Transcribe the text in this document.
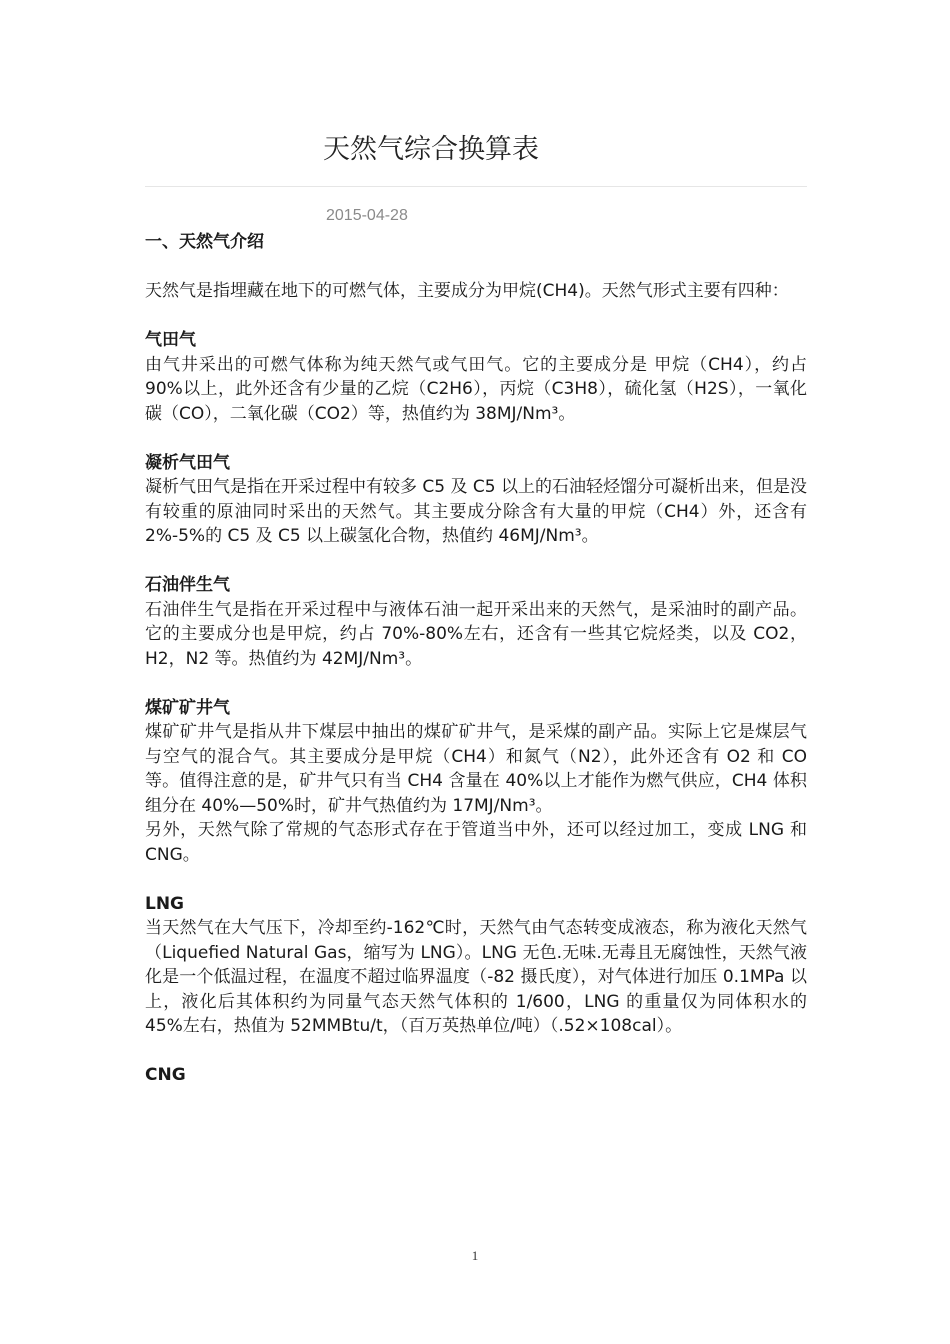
天然气综合换算表
2015-04-28

一、天然气介绍

天然气是指埋藏在地下的可燃气体，主要成分为甲烷(CH4)。天然气形式主要有四种：

气田气

由气井采出的可燃气体称为纯天然气或气田气。它的主要成分是 甲烷（CH4），约占 90%以上，此外还含有少量的乙烷（C2H6），丙烷（C3H8），硫化氢（H2S），一氧化碳（CO），二氧化碳（CO2）等，热值约为 38MJ/Nm³。

凝析气田气

凝析气田气是指在开采过程中有较多 C5 及 C5 以上的石油轻烃馏分可凝析出来，但是没有较重的原油同时采出的天然气。其主要成分除含有大量的甲烷（CH4）外，还含有 2%-5%的 C5 及 C5 以上碳氢化合物，热值约 46MJ/Nm³。

石油伴生气

石油伴生气是指在开采过程中与液体石油一起开采出来的天然气，是采油时的副产品。它的主要成分也是甲烷，约占 70%-80%左右，还含有一些其它烷烃类，以及 CO2，H2，N2 等。热值约为 42MJ/Nm³。

煤矿矿井气

煤矿矿井气是指从井下煤层中抽出的煤矿矿井气，是采煤的副产品。实际上它是煤层气与空气的混合气。其主要成分是甲烷（CH4）和氮气（N2），此外还含有 O2 和 CO 等。值得注意的是，矿井气只有当 CH4 含量在 40%以上才能作为燃气供应，CH4 体积组分在 40%—50%时，矿井气热值约为 17MJ/Nm³。

另外，天然气除了常规的气态形式存在于管道当中外，还可以经过加工，变成 LNG 和 CNG。

LNG

当天然气在大气压下，冷却至约-162℃时，天然气由气态转变成液态，称为液化天然气（Liquefied Natural Gas，缩写为 LNG）。LNG 无色.无味.无毒且无腐蚀性，天然气液化是一个低温过程，在温度不超过临界温度（-82 摄氏度），对气体进行加压 0.1MPa 以上，液化后其体积约为同量气态天然气体积的 1/600，LNG 的重量仅为同体积水的 45%左右，热值为 52MMBtu/t，（百万英热单位/吨）（.52×108cal）。

CNG

1
